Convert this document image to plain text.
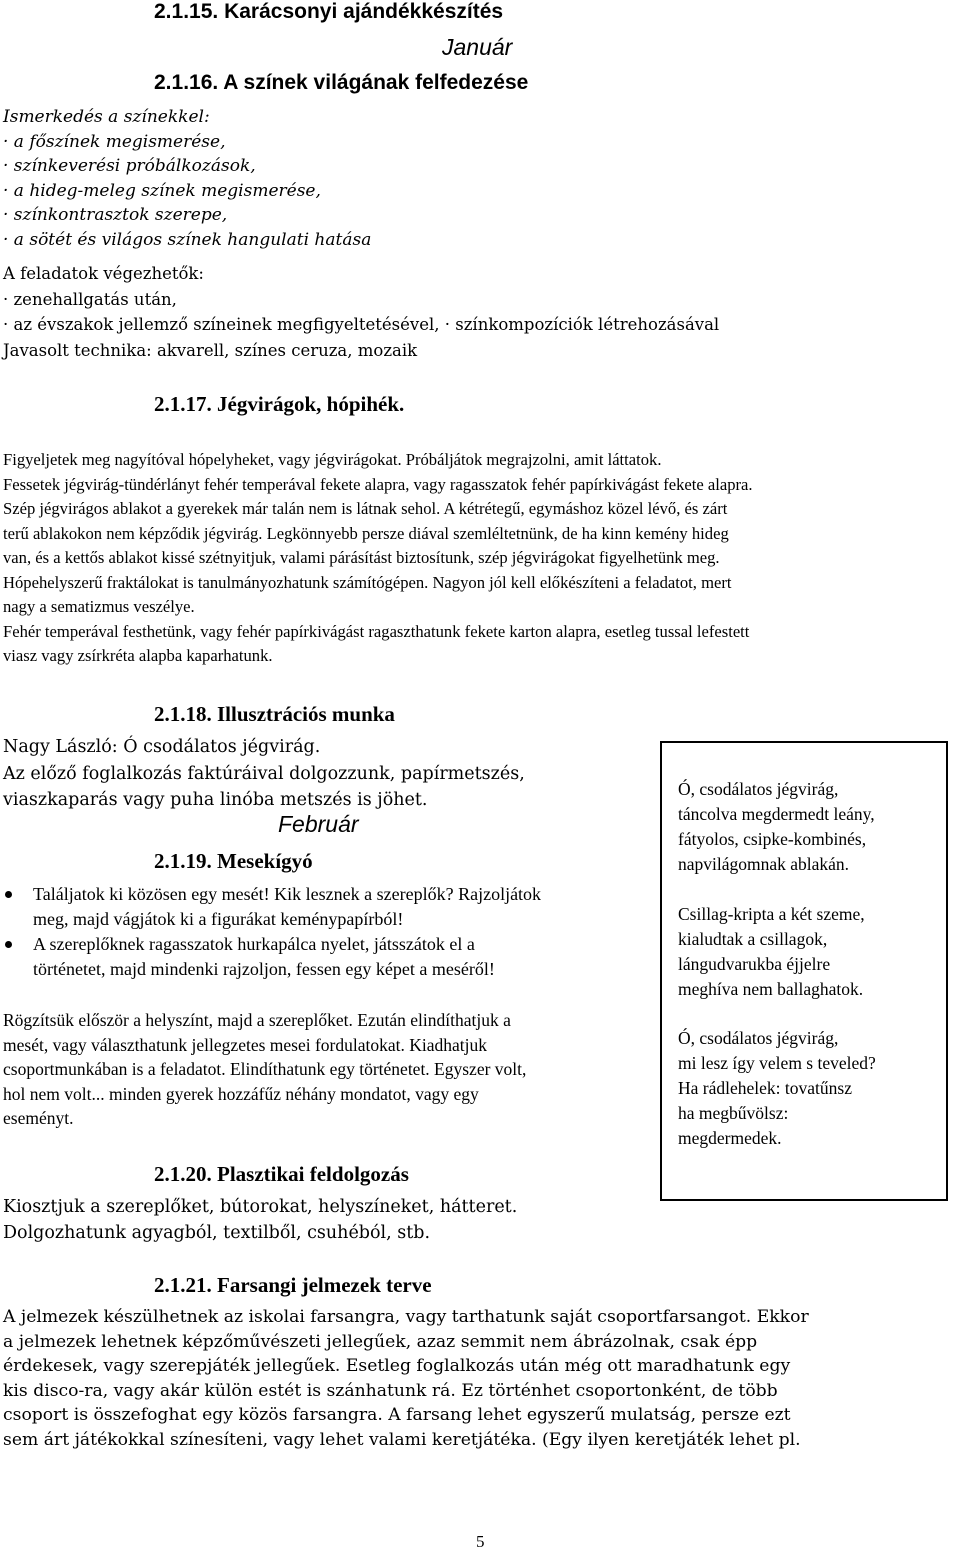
2.1.15. Karácsonyi ajándékkészítés
Január
2.1.16. A színek világának felfedezése
Ismerkedés a színekkel:
· a főszínek megismerése,
· színkeverési próbálkozások,
· a hideg-meleg színek megismerése,
· színkontrasztok szerepe,
· a sötét és világos színek hangulati hatása
A feladatok végezhetők:
· zenehallgatás után,
· az évszakok jellemző színeinek megfigyeltetésével, · színkompozíciók létrehozásával
Javasolt technika: akvarell, színes ceruza, mozaik
2.1.17. Jégvirágok, hópihék.
Figyeljetek meg nagyítóval hópelyheket, vagy jégvirágokat. Próbáljátok megrajzolni, amit láttatok.
Fessetek jégvirág-tündérlányt fehér temperával fekete alapra, vagy ragasszatok fehér papírkivágást fekete alapra.
Szép jégvirágos ablakot a gyerekek már talán nem is látnak sehol. A kétrétegű, egymáshoz közel lévő, és zárt
terű ablakokon nem képződik jégvirág. Legkönnyebb persze diával szemléltetnünk, de ha kinn kemény hideg
van, és a kettős ablakot kissé szétnyitjuk, valami párásítást biztosítunk, szép jégvirágokat figyelhetünk meg.
Hópehelyszerű fraktálokat is tanulmányozhatunk számítógépen. Nagyon jól kell előkészíteni a feladatot, mert
nagy a sematizmus veszélye.
Fehér temperával festhetünk, vagy fehér papírkivágást ragaszthatunk fekete karton alapra, esetleg tussal lefestett
viasz vagy zsírkréta alapba kaparhatunk.
2.1.18. Illusztrációs munka
Nagy László: Ó csodálatos jégvirág.
Az előző foglalkozás faktúráival dolgozzunk, papírmetszés,
viaszkaparás vagy puha linóba metszés is jöhet.
Február
2.1.19. Mesekígyó
Találjatok ki közösen egy mesét! Kik lesznek a szereplők? Rajzoljátok
meg, majd vágjátok ki a figurákat keménypapírból!
A szereplőknek ragasszatok hurkapálca nyelet, játsszátok el a
történetet, majd mindenki rajzoljon, fessen egy képet a meséről!
Rögzítsük először a helyszínt, majd a szereplőket. Ezután elindíthatjuk a
mesét, vagy választhatunk jellegzetes mesei fordulatokat. Kiadhatjuk
csoportmunkában is a feladatot. Elindíthatunk egy történetet. Egyszer volt,
hol nem volt... minden gyerek hozzáfűz néhány mondatot, vagy egy
eseményt.
2.1.20. Plasztikai feldolgozás
Kiosztjuk a szereplőket, bútorokat, helyszíneket, hátteret.
Dolgozhatunk agyagból, textilből, csuhéból, stb.
Ó, csodálatos jégvirág,
táncolva megdermedt leány,
fátyolos, csipke-kombinés,
napvilágomnak ablakán.
Csillag-kripta a két szeme,
kialudtak a csillagok,
lángudvarukba éjjelre
meghíva nem ballaghatok.
Ó, csodálatos jégvirág,
mi lesz így velem s teveled?
Ha rádlehelek: tovatűnsz
ha megbűvölsz:
megdermedek.
2.1.21. Farsangi jelmezek terve
A jelmezek készülhetnek az iskolai farsangra, vagy tarthatunk saját csoportfarsangot. Ekkor
a jelmezek lehetnek képzőművészeti jellegűek, azaz semmit nem ábrázolnak, csak épp
érdekesek, vagy szerepjáték jellegűek. Esetleg foglalkozás után még ott maradhatunk egy
kis disco-ra, vagy akár külön estét is szánhatunk rá. Ez történhet csoportonként, de több
csoport is összefoghat egy közös farsangra. A farsang lehet egyszerű mulatság, persze ezt
sem árt játékokkal színesíteni, vagy lehet valami keretjátéka. (Egy ilyen keretjáték lehet pl.
5
